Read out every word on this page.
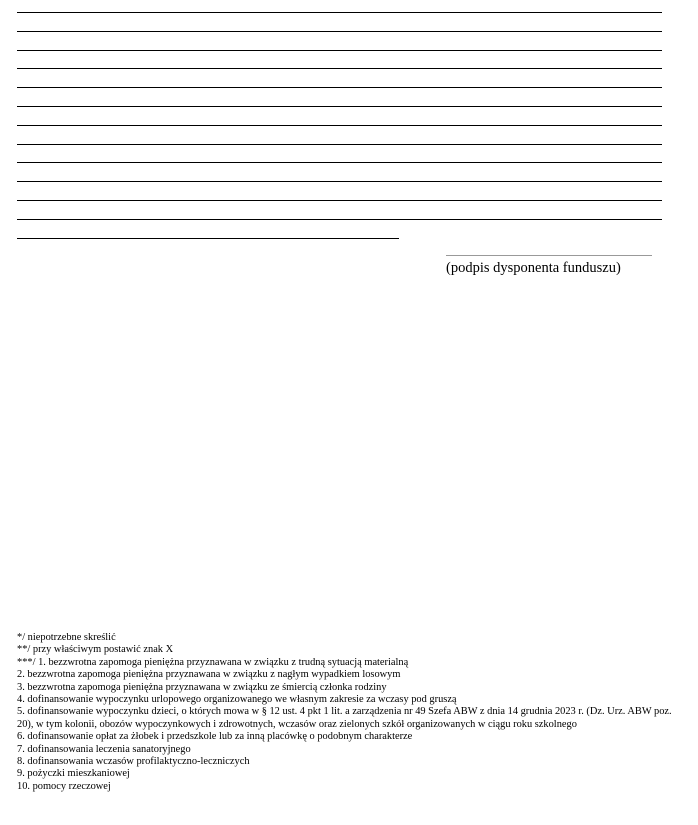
(podpis dysponenta funduszu)
*/ niepotrzebne skreślić
**/ przy właściwym postawić znak X
***/ 1. bezzwrotna zapomoga pieniężna przyznawana w związku z trudną sytuacją materialną
2. bezzwrotna zapomoga pieniężna przyznawana w związku z nagłym wypadkiem losowym
3. bezzwrotna zapomoga pieniężna przyznawana w związku ze śmiercią członka rodziny
4. dofinansowanie wypoczynku urlopowego organizowanego we własnym zakresie za wczasy pod gruszą
5. dofinansowanie wypoczynku dzieci, o których mowa w § 12 ust. 4 pkt 1 lit. a zarządzenia nr 49 Szefa ABW z dnia 14 grudnia 2023 r. (Dz. Urz. ABW poz. 20), w tym kolonii, obozów wypoczynkowych i zdrowotnych, wczasów oraz zielonych szkół organizowanych w ciągu roku szkolnego
6. dofinansowanie opłat za żłobek i przedszkole lub za inną placówkę o podobnym charakterze
7. dofinansowania leczenia sanatoryjnego
8. dofinansowania wczasów profilaktyczno-leczniczych
9. pożyczki mieszkaniowej
10. pomocy rzeczowej
